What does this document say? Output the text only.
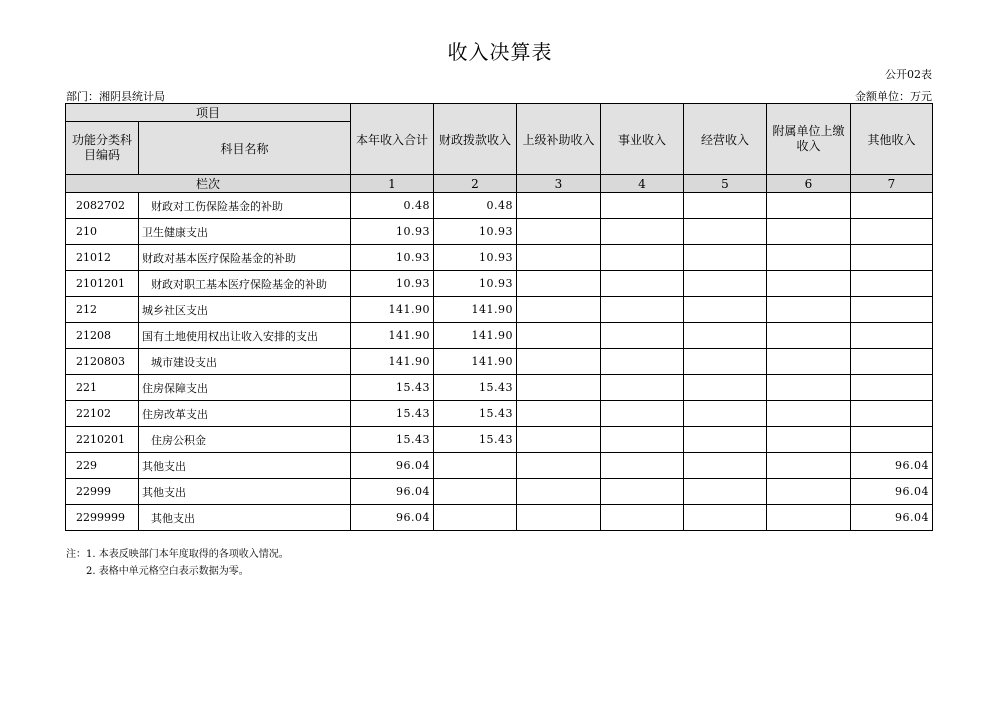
收入决算表
公开02表
部门：湘阴县统计局	金额单位：万元
项目		本年收入合计	财政拨款收入	上级补助收入	事业收入	经营收入	附属单位上缴收入	其他收入
功能分类科目编码	科目名称							
栏次		1	2	3	4	5	6	7
2082702	财政对工伤保险基金的补助	0.48	0.48					
210	卫生健康支出	10.93	10.93					
21012	财政对基本医疗保险基金的补助	10.93	10.93					
2101201	财政对职工基本医疗保险基金的补助	10.93	10.93					
212	城乡社区支出	141.90	141.90					
21208	国有土地使用权出让收入安排的支出	141.90	141.90					
2120803	城市建设支出	141.90	141.90					
221	住房保障支出	15.43	15.43					
22102	住房改革支出	15.43	15.43					
2210201	住房公积金	15.43	15.43					
229	其他支出	96.04						96.04
22999	其他支出	96.04						96.04
2299999	其他支出	96.04						96.04
注：1. 本表反映部门本年度取得的各项收入情况。
2. 表格中单元格空白表示数据为零。
